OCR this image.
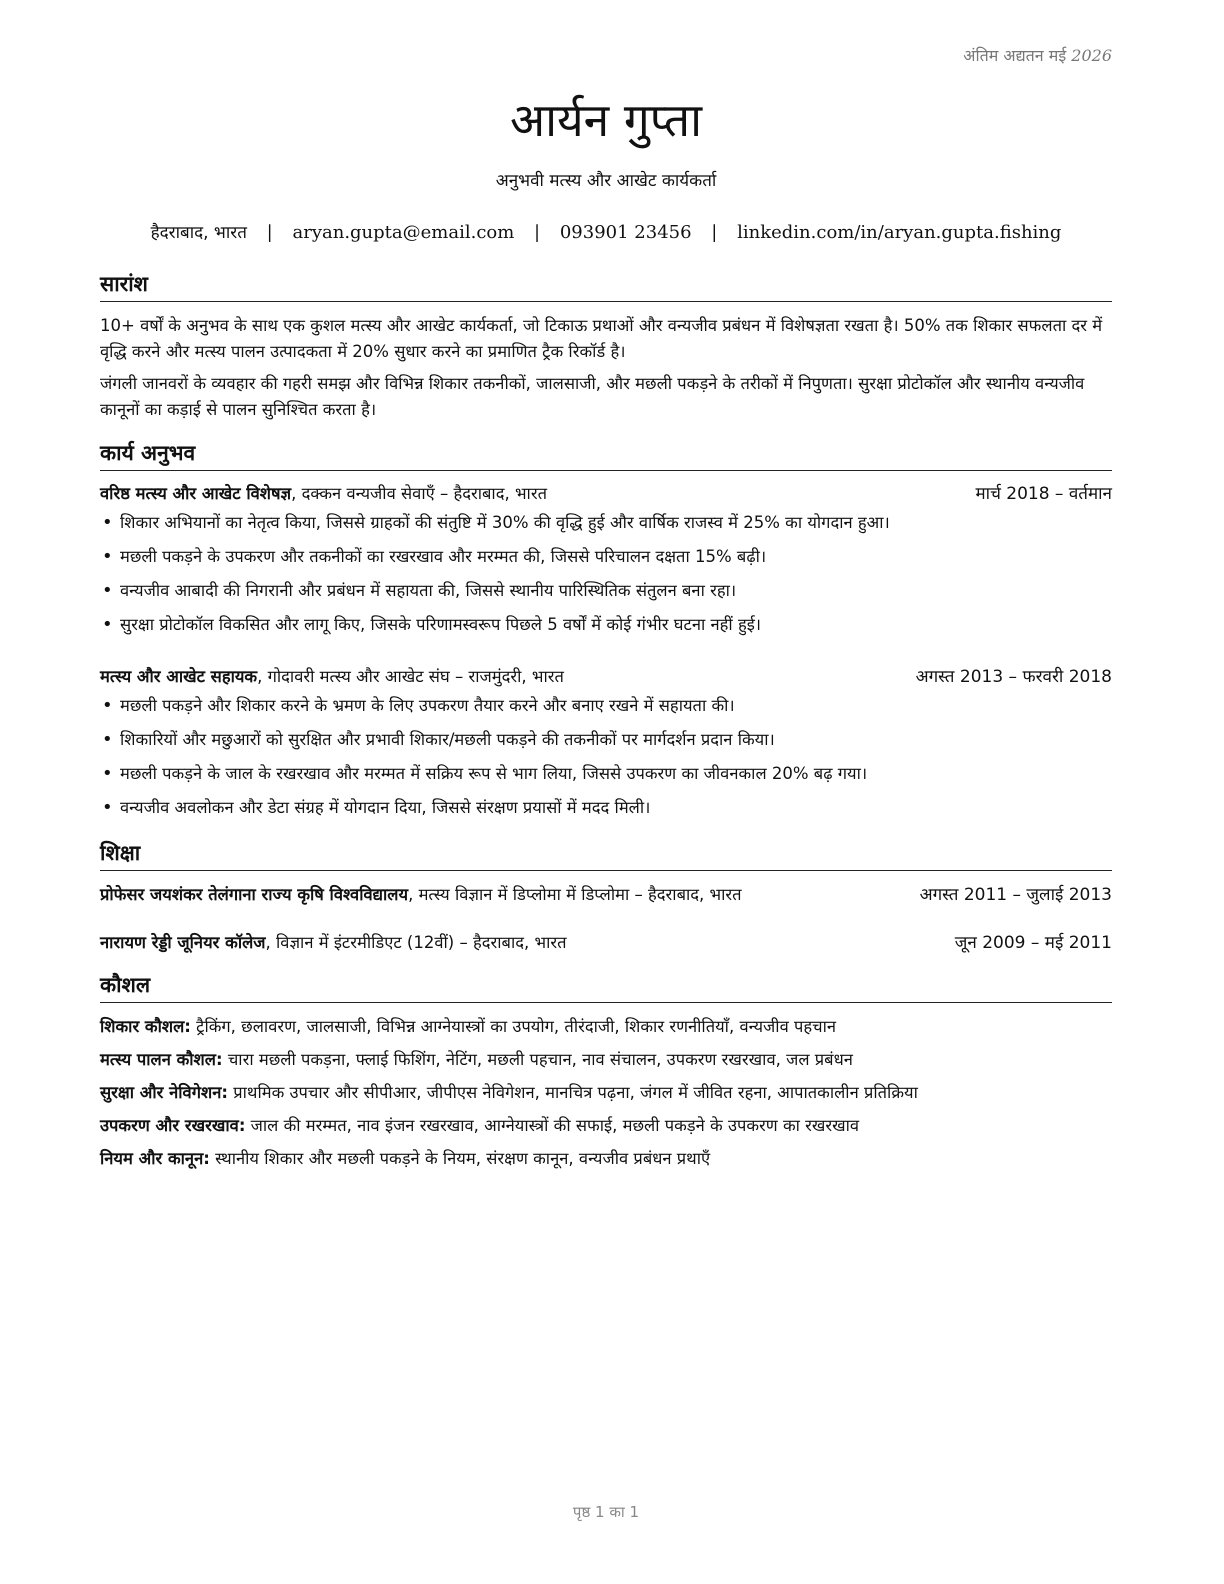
अंतिम अद्यतन मई 2026
आर्यन गुप्ता
अनुभवी मत्स्य और आखेट कार्यकर्ता
हैदराबाद, भारत | aryan.gupta@email.com | 093901 23456 | linkedin.com/in/aryan.gupta.fishing
सारांश
10+ वर्षों के अनुभव के साथ एक कुशल मत्स्य और आखेट कार्यकर्ता, जो टिकाऊ प्रथाओं और वन्यजीव प्रबंधन में विशेषज्ञता रखता है। 50% तक शिकार सफलता दर में वृद्धि करने और मत्स्य पालन उत्पादकता में 20% सुधार करने का प्रमाणित ट्रैक रिकॉर्ड है।
जंगली जानवरों के व्यवहार की गहरी समझ और विभिन्न शिकार तकनीकों, जालसाजी, और मछली पकड़ने के तरीकों में निपुणता। सुरक्षा प्रोटोकॉल और स्थानीय वन्यजीव कानूनों का कड़ाई से पालन सुनिश्चित करता है।
कार्य अनुभव
वरिष्ठ मत्स्य और आखेट विशेषज्ञ, दक्कन वन्यजीव सेवाएँ – हैदराबाद, भारत	मार्च 2018 – वर्तमान
• शिकार अभियानों का नेतृत्व किया, जिससे ग्राहकों की संतुष्टि में 30% की वृद्धि हुई और वार्षिक राजस्व में 25% का योगदान हुआ।
• मछली पकड़ने के उपकरण और तकनीकों का रखरखाव और मरम्मत की, जिससे परिचालन दक्षता 15% बढ़ी।
• वन्यजीव आबादी की निगरानी और प्रबंधन में सहायता की, जिससे स्थानीय पारिस्थितिक संतुलन बना रहा।
• सुरक्षा प्रोटोकॉल विकसित और लागू किए, जिसके परिणामस्वरूप पिछले 5 वर्षों में कोई गंभीर घटना नहीं हुई।
मत्स्य और आखेट सहायक, गोदावरी मत्स्य और आखेट संघ – राजमुंदरी, भारत	अगस्त 2013 – फरवरी 2018
• मछली पकड़ने और शिकार करने के भ्रमण के लिए उपकरण तैयार करने और बनाए रखने में सहायता की।
• शिकारियों और मछुआरों को सुरक्षित और प्रभावी शिकार/मछली पकड़ने की तकनीकों पर मार्गदर्शन प्रदान किया।
• मछली पकड़ने के जाल के रखरखाव और मरम्मत में सक्रिय रूप से भाग लिया, जिससे उपकरण का जीवनकाल 20% बढ़ गया।
• वन्यजीव अवलोकन और डेटा संग्रह में योगदान दिया, जिससे संरक्षण प्रयासों में मदद मिली।
शिक्षा
प्रोफेसर जयशंकर तेलंगाना राज्य कृषि विश्वविद्यालय, मत्स्य विज्ञान में डिप्लोमा में डिप्लोमा – हैदराबाद, भारत	अगस्त 2011 – जुलाई 2013
नारायण रेड्डी जूनियर कॉलेज, विज्ञान में इंटरमीडिएट (12वीं) – हैदराबाद, भारत	जून 2009 – मई 2011
कौशल
शिकार कौशल: ट्रैकिंग, छलावरण, जालसाजी, विभिन्न आग्नेयास्त्रों का उपयोग, तीरंदाजी, शिकार रणनीतियाँ, वन्यजीव पहचान
मत्स्य पालन कौशल: चारा मछली पकड़ना, फ्लाई फिशिंग, नेटिंग, मछली पहचान, नाव संचालन, उपकरण रखरखाव, जल प्रबंधन
सुरक्षा और नेविगेशन: प्राथमिक उपचार और सीपीआर, जीपीएस नेविगेशन, मानचित्र पढ़ना, जंगल में जीवित रहना, आपातकालीन प्रतिक्रिया
उपकरण और रखरखाव: जाल की मरम्मत, नाव इंजन रखरखाव, आग्नेयास्त्रों की सफाई, मछली पकड़ने के उपकरण का रखरखाव
नियम और कानून: स्थानीय शिकार और मछली पकड़ने के नियम, संरक्षण कानून, वन्यजीव प्रबंधन प्रथाएँ
पृष्ठ 1 का 1
